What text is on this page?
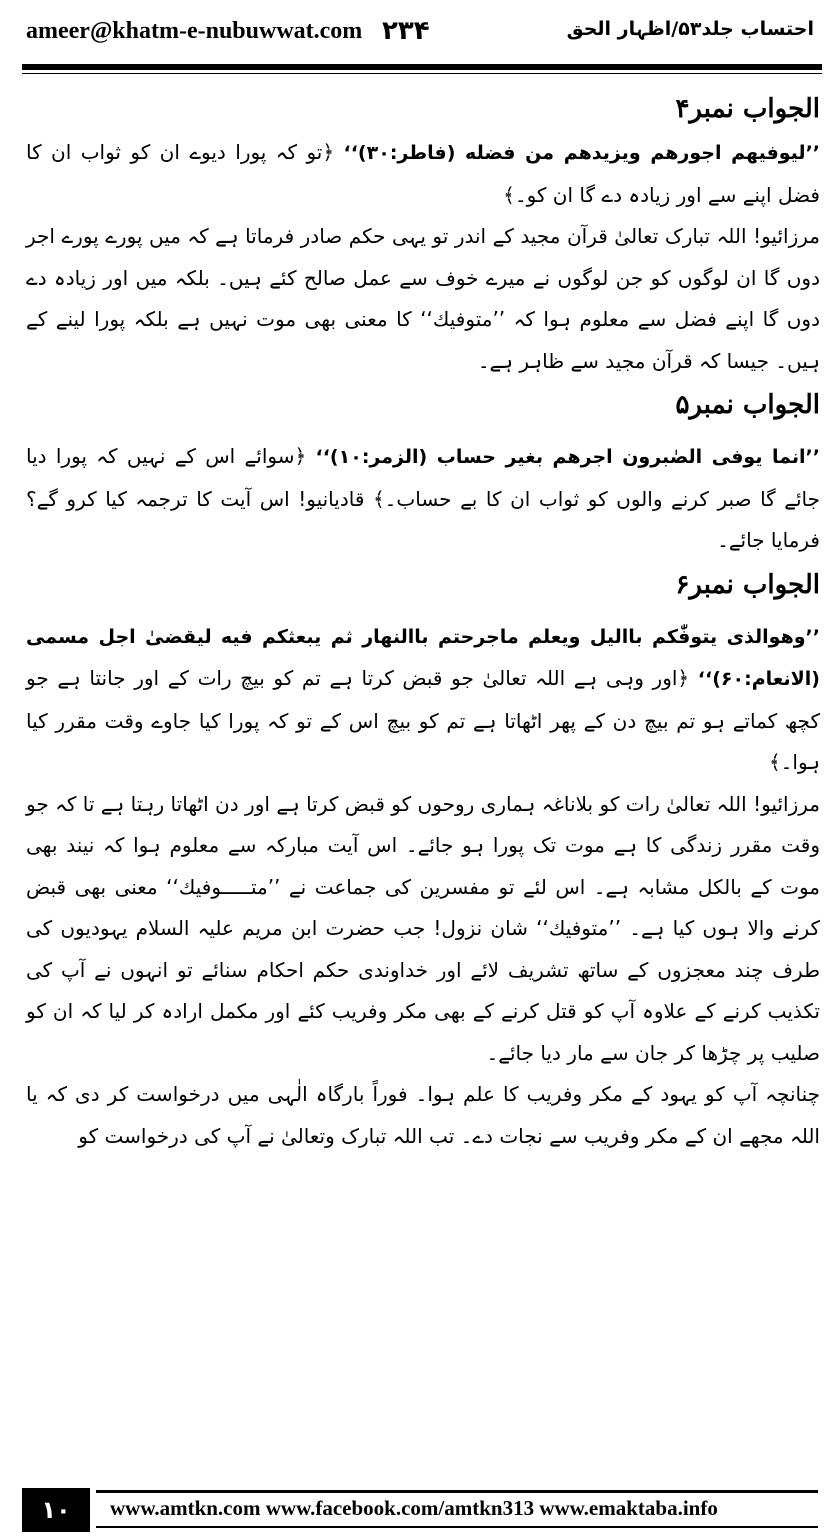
ameer@khatm-e-nubuwwat.com ۲۳۴	احتساب جلد۵۳/اظہار الحق

الجواب نمبر۴

’’لیوفیهم اجورهم ویزیدهم من فضله (فاطر:۳۰)‘‘ ﴿تو کہ پورا دیوے ان کو ثواب ان کا فضل اپنے سے اور زیادہ دے گا ان کو۔﴾

مرزائیو! اللہ تبارک تعالیٰ قرآن مجید کے اندر تو یہی حکم صادر فرماتا ہے کہ میں پورے پورے اجر دوں گا ان لوگوں کو جن لوگوں نے میرے خوف سے عمل صالح کئے ہیں۔ بلکہ میں اور زیادہ دے دوں گا اپنے فضل سے معلوم ہوا کہ ’’متوفیك‘‘ کا معنی بھی موت نہیں ہے بلکہ پورا لینے کے ہیں۔ جیسا کہ قرآن مجید سے ظاہر ہے۔

الجواب نمبر۵

’’انما یوفی الصٰبرون اجرهم بغیر حساب (الزمر:۱۰)‘‘ ﴿سوائے اس کے نہیں کہ پورا دیا جائے گا صبر کرنے والوں کو ثواب ان کا بے حساب۔﴾ قادیانیو! اس آیت کا ترجمہ کیا کرو گے؟ فرمایا جائے۔

الجواب نمبر۶

’’وهوالذی یتوفّٰکم باالیل ویعلم ماجرحتم باالنهار ثم یبعثکم فیه لیقضیٰ اجل مسمی (الانعام:۶۰)‘‘ ﴿اور وہی ہے اللہ تعالیٰ جو قبض کرتا ہے تم کو بیچ رات کے اور جانتا ہے جو کچھ کماتے ہو تم بیچ دن کے پھر اٹھاتا ہے تم کو بیچ اس کے تو کہ پورا کیا جاوے وقت مقرر کیا ہوا۔﴾

مرزائیو! اللہ تعالیٰ رات کو بلاناغہ ہماری روحوں کو قبض کرتا ہے اور دن اٹھاتا رہتا ہے تا کہ جو وقت مقرر زندگی کا ہے موت تک پورا ہو جائے۔ اس آیت مبارکہ سے معلوم ہوا کہ نیند بھی موت کے بالکل مشابہ ہے۔ اس لئے تو مفسرین کی جماعت نے ’’متـــــوفیك‘‘ معنی بھی قبض کرنے والا ہوں کیا ہے۔ ’’متوفیك‘‘ شان نزول! جب حضرت ابن مریم علیہ السلام یہودیوں کی طرف چند معجزوں کے ساتھ تشریف لائے اور خداوندی حکم احکام سنائے تو انہوں نے آپ کی تکذیب کرنے کے علاوہ آپ کو قتل کرنے کے بھی مکر وفریب کئے اور مکمل ارادہ کر لیا کہ ان کو صلیب پر چڑھا کر جان سے مار دیا جائے۔

چنانچہ آپ کو یہود کے مکر وفریب کا علم ہوا۔ فوراً بارگاہ الٰہی میں درخواست کر دی کہ یا اللہ مجھے ان کے مکر وفریب سے نجات دے۔ تب اللہ تبارک وتعالیٰ نے آپ کی درخواست کو

۱۰	www.amtkn.com www.facebook.com/amtkn313 www.emaktaba.info
